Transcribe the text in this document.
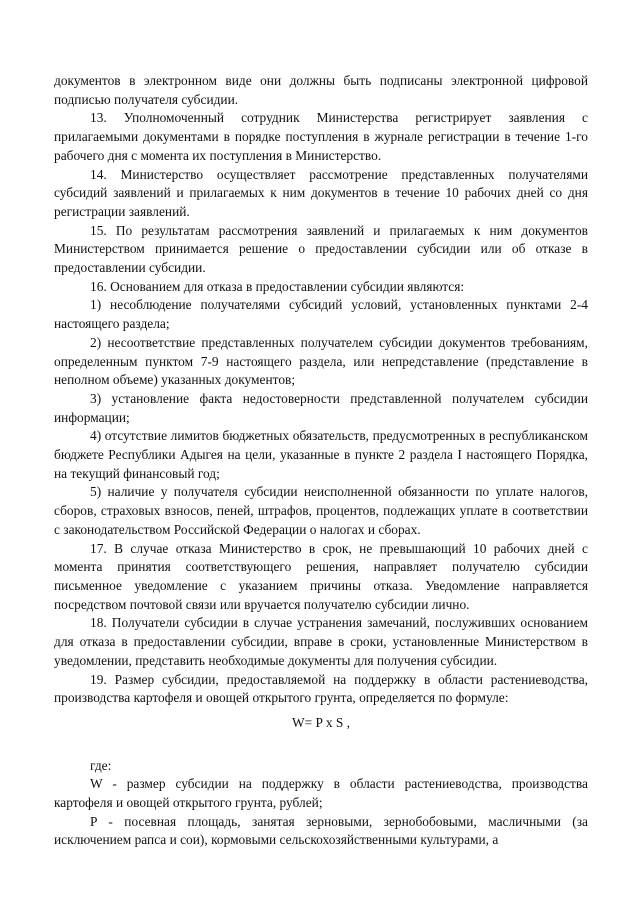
документов в электронном виде они должны быть подписаны электронной цифровой подписью получателя субсидии.

13. Уполномоченный сотрудник Министерства регистрирует заявления с прилагаемыми документами в порядке поступления в журнале регистрации в течение 1-го рабочего дня с момента их поступления в Министерство.

14. Министерство осуществляет рассмотрение представленных получателями субсидий заявлений и прилагаемых к ним документов в течение 10 рабочих дней со дня регистрации заявлений.

15. По результатам рассмотрения заявлений и прилагаемых к ним документов Министерством принимается решение о предоставлении субсидии или об отказе в предоставлении субсидии.

16. Основанием для отказа в предоставлении субсидии являются:

1) несоблюдение получателями субсидий условий, установленных пунктами 2-4 настоящего раздела;

2) несоответствие представленных получателем субсидии документов требованиям, определенным пунктом 7-9 настоящего раздела, или непредставление (представление в неполном объеме) указанных документов;

3) установление факта недостоверности представленной получателем субсидии информации;

4) отсутствие лимитов бюджетных обязательств, предусмотренных в республиканском бюджете Республики Адыгея на цели, указанные в пункте 2 раздела I настоящего Порядка, на текущий финансовый год;

5) наличие у получателя субсидии неисполненной обязанности по уплате налогов, сборов, страховых взносов, пеней, штрафов, процентов, подлежащих уплате в соответствии с законодательством Российской Федерации о налогах и сборах.

17. В случае отказа Министерство в срок, не превышающий 10 рабочих дней с момента принятия соответствующего решения, направляет получателю субсидии письменное уведомление с указанием причины отказа. Уведомление направляется посредством почтовой связи или вручается получателю субсидии лично.

18. Получатели субсидии в случае устранения замечаний, послуживших основанием для отказа в предоставлении субсидии, вправе в сроки, установленные Министерством в уведомлении, представить необходимые документы для получения субсидии.

19. Размер субсидии, предоставляемой на поддержку в области растениеводства, производства картофеля и овощей открытого грунта, определяется по формуле:

W= P x S ,

где:

W - размер субсидии на поддержку в области растениеводства, производства картофеля и овощей открытого грунта, рублей;

P - посевная площадь, занятая зерновыми, зернобобовыми, масличными (за исключением рапса и сои), кормовыми сельскохозяйственными культурами, а
